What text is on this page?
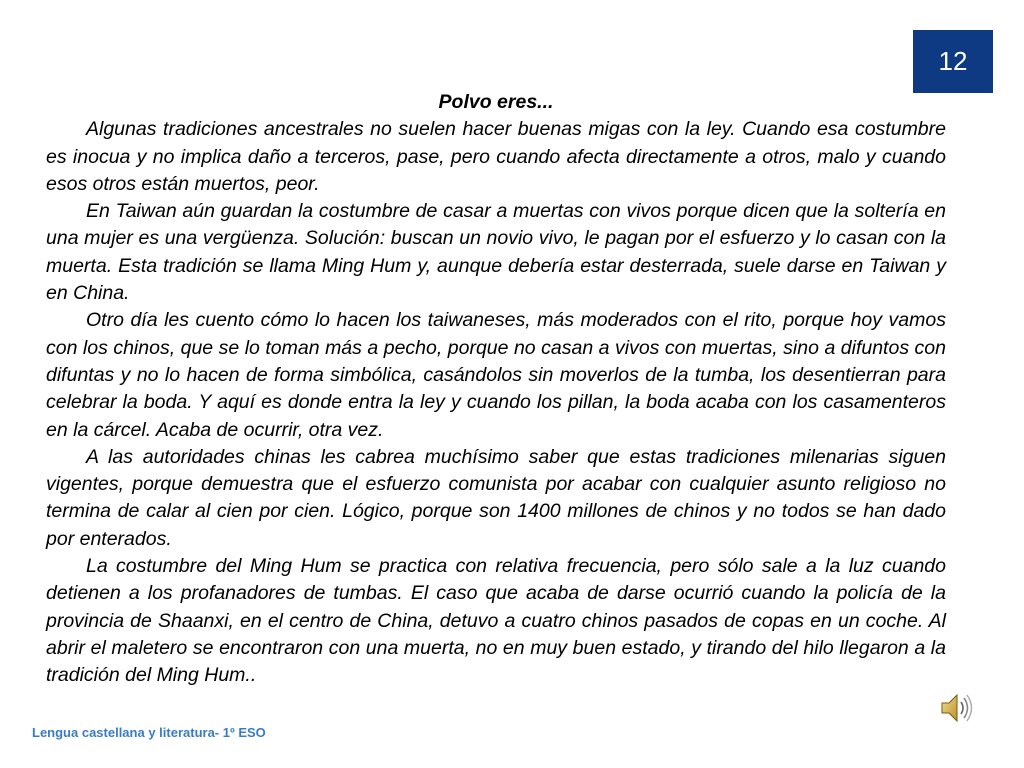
12

Polvo eres...

Algunas tradiciones ancestrales no suelen hacer buenas migas con la ley. Cuando esa costumbre es inocua y no implica daño a terceros, pase, pero cuando afecta directamente a otros, malo y cuando esos otros están muertos, peor.

En Taiwan aún guardan la costumbre de casar a muertas con vivos porque dicen que la soltería en una mujer es una vergüenza. Solución: buscan un novio vivo, le pagan por el esfuerzo y lo casan con la muerta. Esta tradición se llama Ming Hum y, aunque debería estar desterrada, suele darse en Taiwan y en China.

Otro día les cuento cómo lo hacen los taiwaneses, más moderados con el rito, porque hoy vamos con los chinos, que se lo toman más a pecho, porque no casan a vivos con muertas, sino a difuntos con difuntas y no lo hacen de forma simbólica, casándolos sin moverlos de la tumba, los desentierran para celebrar la boda. Y aquí es donde entra la ley y cuando los pillan, la boda acaba con los casamenteros en la cárcel. Acaba de ocurrir, otra vez.

A las autoridades chinas les cabrea muchísimo saber que estas tradiciones milenarias siguen vigentes, porque demuestra que el esfuerzo comunista por acabar con cualquier asunto religioso no termina de calar al cien por cien. Lógico, porque son 1400 millones de chinos y no todos se han dado por enterados.

La costumbre del Ming Hum se practica con relativa frecuencia, pero sólo sale a la luz cuando detienen a los profanadores de tumbas. El caso que acaba de darse ocurrió cuando la policía de la provincia de Shaanxi, en el centro de China, detuvo a cuatro chinos pasados de copas en un coche. Al abrir el maletero se encontraron con una muerta, no en muy buen estado, y tirando del hilo llegaron a la tradición del Ming Hum..

Lengua castellana y literatura- 1º ESO
